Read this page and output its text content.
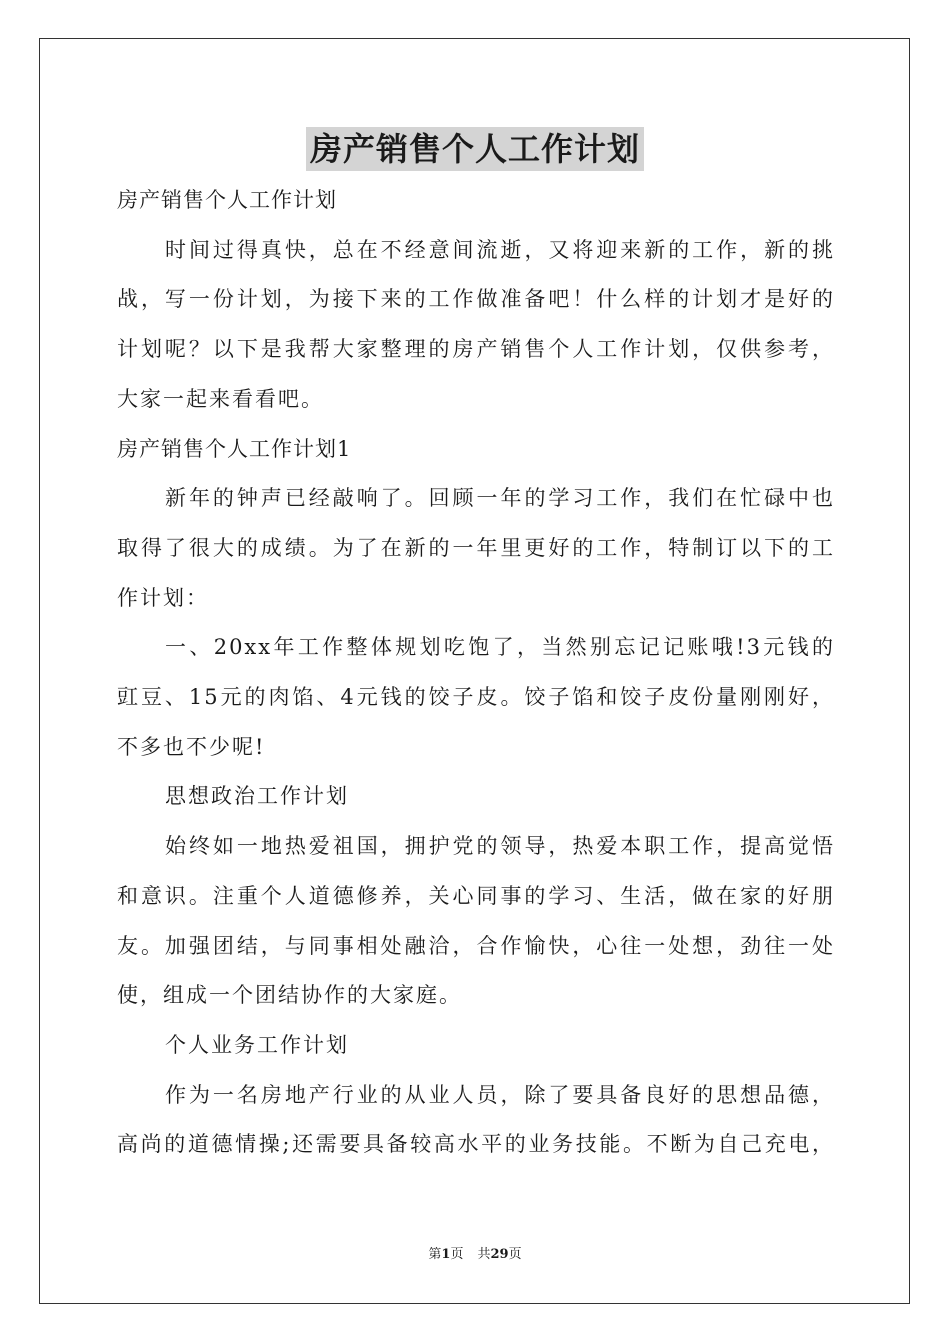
房产销售个人工作计划

房产销售个人工作计划

时间过得真快，总在不经意间流逝，又将迎来新的工作，新的挑

战，写一份计划，为接下来的工作做准备吧！什么样的计划才是好的

计划呢？以下是我帮大家整理的房产销售个人工作计划，仅供参考，

大家一起来看看吧。

房产销售个人工作计划1

新年的钟声已经敲响了。回顾一年的学习工作，我们在忙碌中也

取得了很大的成绩。为了在新的一年里更好的工作，特制订以下的工

作计划：

一、20xx年工作整体规划吃饱了，当然别忘记记账哦!3元钱的

豇豆、15元的肉馅、4元钱的饺子皮。饺子馅和饺子皮份量刚刚好，

不多也不少呢!

思想政治工作计划

始终如一地热爱祖国，拥护党的领导，热爱本职工作，提高觉悟

和意识。注重个人道德修养，关心同事的学习、生活，做在家的好朋

友。加强团结，与同事相处融洽，合作愉快，心往一处想，劲往一处

使，组成一个团结协作的大家庭。

个人业务工作计划

作为一名房地产行业的从业人员，除了要具备良好的思想品德，

高尚的道德情操;还需要具备较高水平的业务技能。不断为自己充电，

第1页 共29页
